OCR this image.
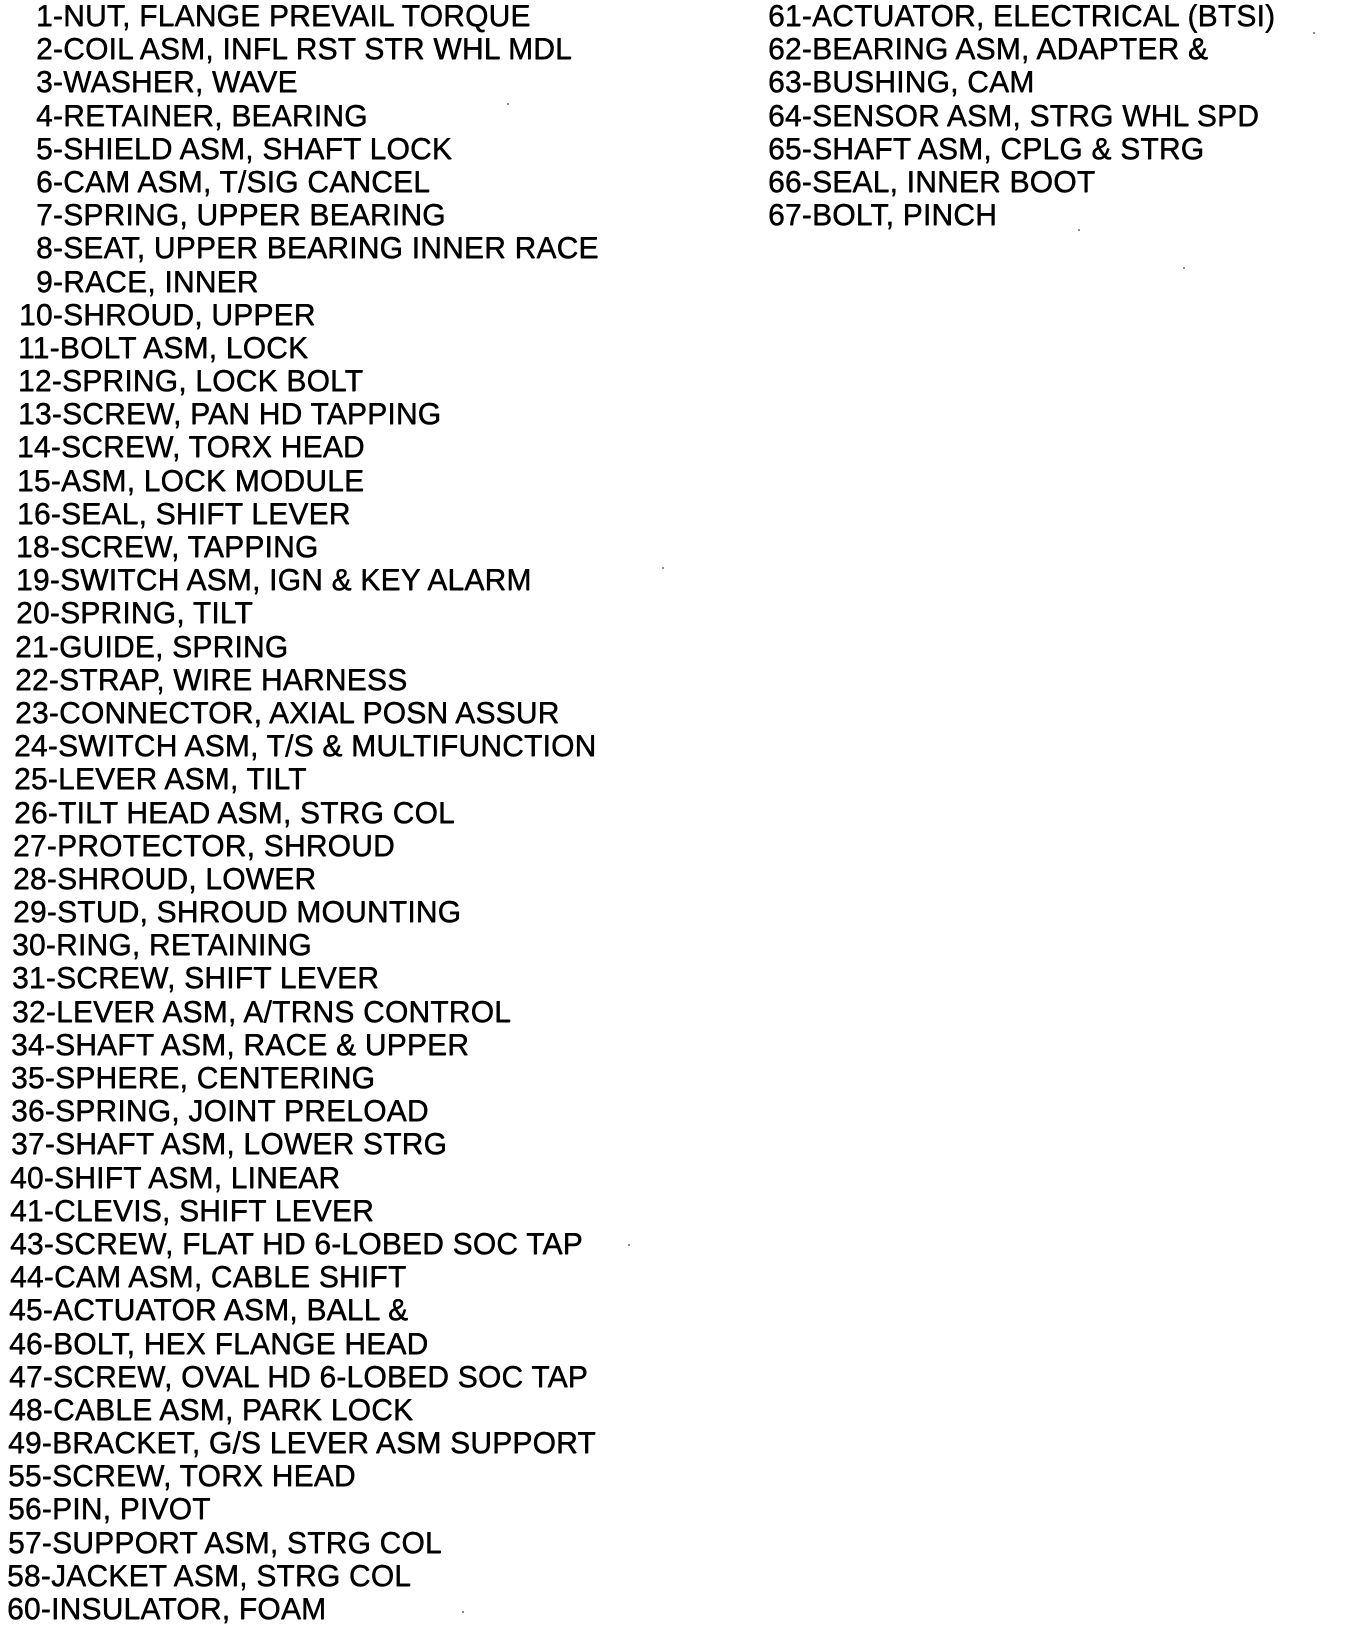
1-NUT, FLANGE PREVAIL TORQUE
2-COIL ASM, INFL RST STR WHL MDL
3-WASHER, WAVE
4-RETAINER, BEARING
5-SHIELD ASM, SHAFT LOCK
6-CAM ASM, T/SIG CANCEL
7-SPRING, UPPER BEARING
8-SEAT, UPPER BEARING INNER RACE
9-RACE, INNER
10-SHROUD, UPPER
11-BOLT ASM, LOCK
12-SPRING, LOCK BOLT
13-SCREW, PAN HD TAPPING
14-SCREW, TORX HEAD
15-ASM, LOCK MODULE
16-SEAL, SHIFT LEVER
18-SCREW, TAPPING
19-SWITCH ASM, IGN & KEY ALARM
20-SPRING, TILT
21-GUIDE, SPRING
22-STRAP, WIRE HARNESS
23-CONNECTOR, AXIAL POSN ASSUR
24-SWITCH ASM, T/S & MULTIFUNCTION
25-LEVER ASM, TILT
26-TILT HEAD ASM, STRG COL
27-PROTECTOR, SHROUD
28-SHROUD, LOWER
29-STUD, SHROUD MOUNTING
30-RING, RETAINING
31-SCREW, SHIFT LEVER
32-LEVER ASM, A/TRNS CONTROL
34-SHAFT ASM, RACE & UPPER
35-SPHERE, CENTERING
36-SPRING, JOINT PRELOAD
37-SHAFT ASM, LOWER STRG
40-SHIFT ASM, LINEAR
41-CLEVIS, SHIFT LEVER
43-SCREW, FLAT HD 6-LOBED SOC TAP
44-CAM ASM, CABLE SHIFT
45-ACTUATOR ASM, BALL &
46-BOLT, HEX FLANGE HEAD
47-SCREW, OVAL HD 6-LOBED SOC TAP
48-CABLE ASM, PARK LOCK
49-BRACKET, G/S LEVER ASM SUPPORT
55-SCREW, TORX HEAD
56-PIN, PIVOT
57-SUPPORT ASM, STRG COL
58-JACKET ASM, STRG COL
60-INSULATOR, FOAM
61-ACTUATOR, ELECTRICAL (BTSI)
62-BEARING ASM, ADAPTER &
63-BUSHING, CAM
64-SENSOR ASM, STRG WHL SPD
65-SHAFT ASM, CPLG & STRG
66-SEAL, INNER BOOT
67-BOLT, PINCH
